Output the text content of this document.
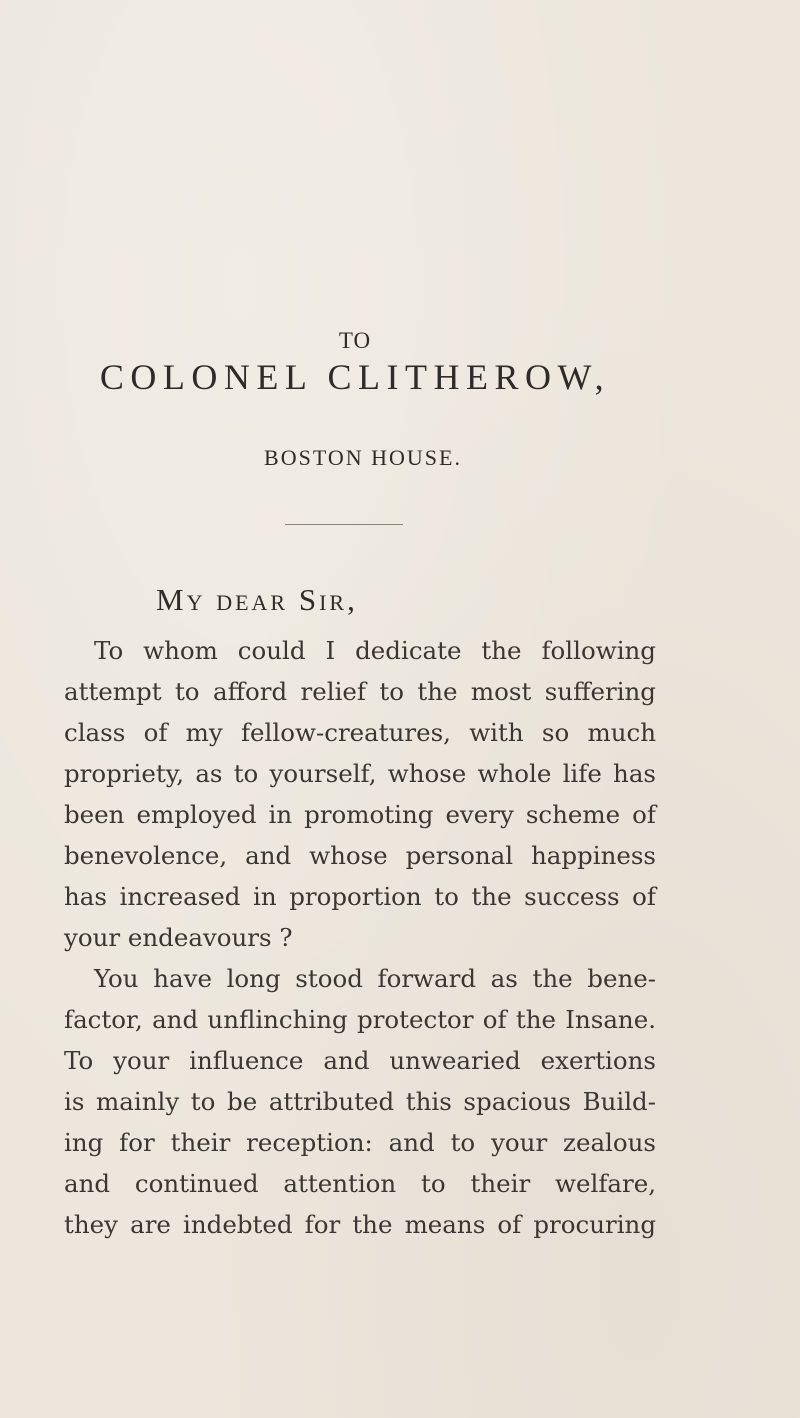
TO
COLONEL CLITHEROW,
BOSTON HOUSE.
My dear Sir,
To whom could I dedicate the following
attempt to afford relief to the most suffering
class of my fellow-creatures, with so much
propriety, as to yourself, whose whole life has
been employed in promoting every scheme of
benevolence, and whose personal happiness
has increased in proportion to the success of
your endeavours ?
You have long stood forward as the bene-
factor, and unflinching protector of the Insane.
To your influence and unwearied exertions
is mainly to be attributed this spacious Build-
ing for their reception: and to your zealous
and continued attention to their welfare,
they are indebted for the means of procuring
